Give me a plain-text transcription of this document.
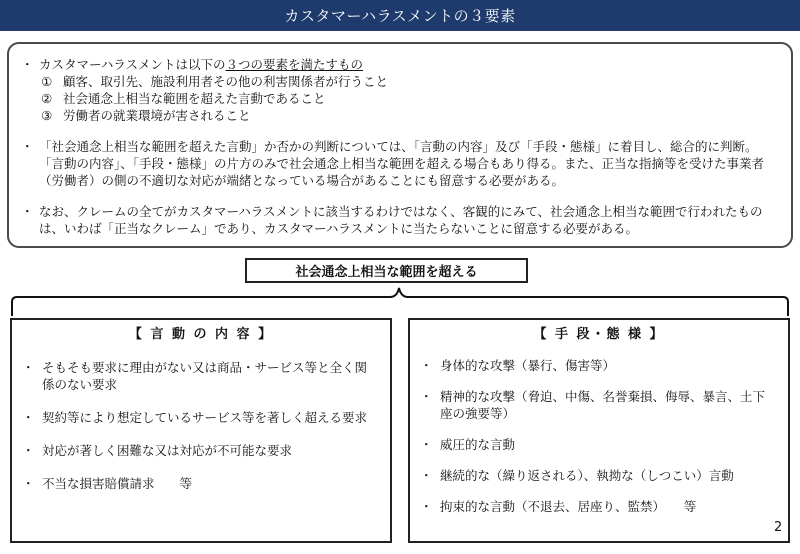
カスタマーハラスメントの３要素
・ カスタマーハラスメントは以下の３つの要素を満たすもの
① 顧客、取引先、施設利用者その他の利害関係者が行うこと
② 社会通念上相当な範囲を超えた言動であること
③ 労働者の就業環境が害されること
・ 「社会通念上相当な範囲を超えた言動」か否かの判断については、「言動の内容」及び「手段・態様」に着目し、総合的に判断。「言動の内容」、「手段・態様」の片方のみで社会通念上相当な範囲を超える場合もあり得る。また、正当な指摘等を受けた事業者（労働者）の側の不適切な対応が端緒となっている場合があることにも留意する必要がある。
・ なお、クレームの全てがカスタマーハラスメントに該当するわけではなく、客観的にみて、社会通念上相当な範囲で行われたものは、いわば「正当なクレーム」であり、カスタマーハラスメントに当たらないことに留意する必要がある。
社会通念上相当な範囲を超える
【 言 動 の 内 容 】
・ そもそも要求に理由がない又は商品・サービス等と全く関係のない要求
・ 契約等により想定しているサービス等を著しく超える要求
・ 対応が著しく困難な又は対応が不可能な要求
・ 不当な損害賠償請求　　等
【 手 段・態 様 】
・ 身体的な攻撃（暴行、傷害等）
・ 精神的な攻撃（脅迫、中傷、名誉棄損、侮辱、暴言、土下座の強要等）
・ 威圧的な言動
・ 継続的な（繰り返される）、執拗な（しつこい）言動
・ 拘束的な言動（不退去、居座り、監禁）　　等
2
